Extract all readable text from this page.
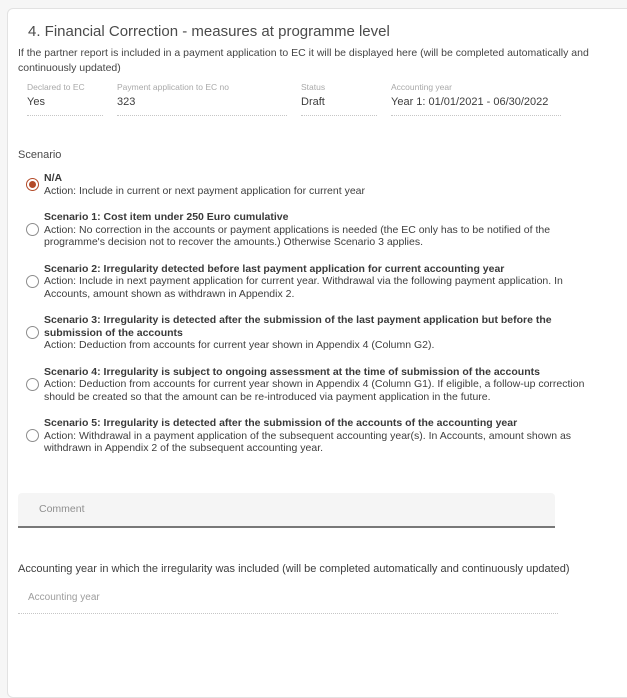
4. Financial Correction - measures at programme level
If the partner report is included in a payment application to EC it will be displayed here (will be completed automatically and continuously updated)
Declared to EC
Yes
Payment application to EC no
323
Status
Draft
Accounting year
Year 1: 01/01/2021 - 06/30/2022
Scenario
N/A
Action: Include in current or next payment application for current year
Scenario 1: Cost item under 250 Euro cumulative
Action: No correction in the accounts or payment applications is needed (the EC only has to be notified of the programme's decision not to recover the amounts.) Otherwise Scenario 3 applies.
Scenario 2: Irregularity detected before last payment application for current accounting year
Action: Include in next payment application for current year. Withdrawal via the following payment application. In Accounts, amount shown as withdrawn in Appendix 2.
Scenario 3: Irregularity is detected after the submission of the last payment application but before the submission of the accounts
Action: Deduction from accounts for current year shown in Appendix 4 (Column G2).
Scenario 4: Irregularity is subject to ongoing assessment at the time of submission of the accounts
Action: Deduction from accounts for current year shown in Appendix 4 (Column G1). If eligible, a follow-up correction should be created so that the amount can be re-introduced via payment application in the future.
Scenario 5: Irregularity is detected after the submission of the accounts of the accounting year
Action: Withdrawal in a payment application of the subsequent accounting year(s). In Accounts, amount shown as withdrawn in Appendix 2 of the subsequent accounting year.
Comment
Accounting year in which the irregularity was included (will be completed automatically and continuously updated)
Accounting year
